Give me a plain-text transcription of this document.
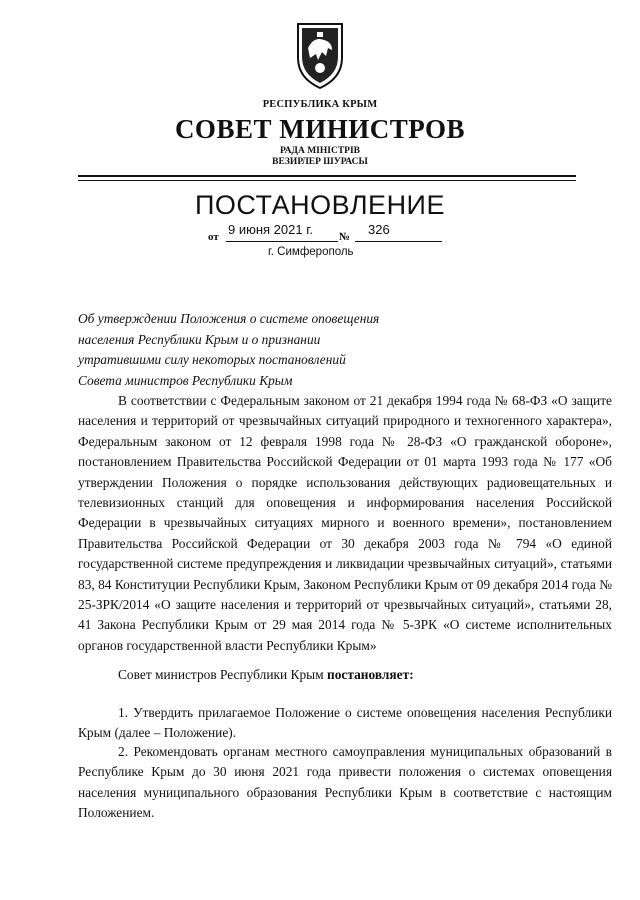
РЕСПУБЛИКА КРЫМ
СОВЕТ МИНИСТРОВ
РАДА МІНІСТРІВ
ВЕЗИРЛЕР ШУРАСЫ
ПОСТАНОВЛЕНИЕ
от 9 июня 2021 г. № 326
г. Симферополь
Об утверждении Положения о системе оповещения
населения Республики Крым и о признании
утратившими силу некоторых постановлений
Совета министров Республики Крым
В соответствии с Федеральным законом от 21 декабря 1994 года № 68-ФЗ «О защите населения и территорий от чрезвычайных ситуаций природного и техногенного характера», Федеральным законом от 12 февраля 1998 года № 28-ФЗ «О гражданской обороне», постановлением Правительства Российской Федерации от 01 марта 1993 года № 177 «Об утверждении Положения о порядке использования действующих радиовещательных и телевизионных станций для оповещения и информирования населения Российской Федерации в чрезвычайных ситуациях мирного и военного времени», постановлением Правительства Российской Федерации от 30 декабря 2003 года № 794 «О единой государственной системе предупреждения и ликвидации чрезвычайных ситуаций», статьями 83, 84 Конституции Республики Крым, Законом Республики Крым от 09 декабря 2014 года № 25-ЗРК/2014 «О защите населения и территорий от чрезвычайных ситуаций», статьями 28, 41 Закона Республики Крым от 29 мая 2014 года № 5-ЗРК «О системе исполнительных органов государственной власти Республики Крым»
Совет министров Республики Крым постановляет:
1. Утвердить прилагаемое Положение о системе оповещения населения Республики Крым (далее – Положение).
2. Рекомендовать органам местного самоуправления муниципальных образований в Республике Крым до 30 июня 2021 года привести положения о системах оповещения населения муниципального образования Республики Крым в соответствие с настоящим Положением.
